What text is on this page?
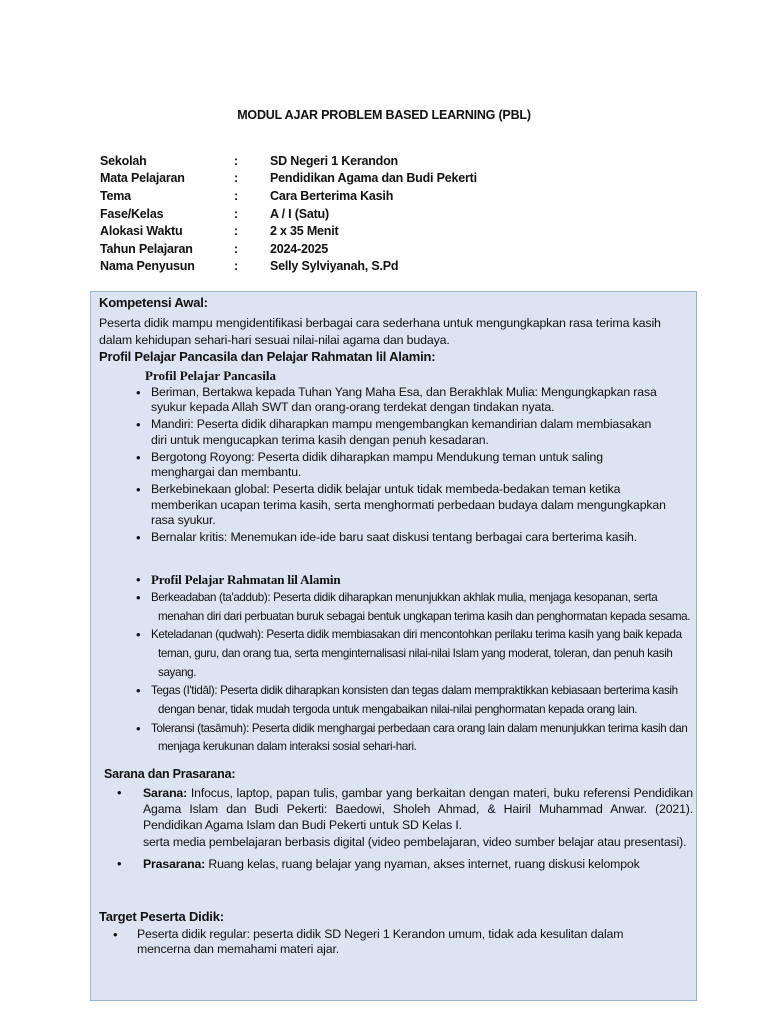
MODUL AJAR PROBLEM BASED LEARNING (PBL)
Sekolah	:	SD Negeri 1 Kerandon
Mata Pelajaran	:	Pendidikan Agama dan Budi Pekerti
Tema	:	Cara Berterima Kasih
Fase/Kelas	:	A / I (Satu)
Alokasi Waktu	:	2 x 35 Menit
Tahun Pelajaran	:	2024-2025
Nama Penyusun	:	Selly Sylviyanah, S.Pd
Kompetensi Awal:
Peserta didik mampu mengidentifikasi berbagai cara sederhana untuk mengungkapkan rasa terima kasih
dalam kehidupan sehari-hari sesuai nilai-nilai agama dan budaya.
Profil Pelajar Pancasila dan Pelajar Rahmatan lil Alamin:
Profil Pelajar Pancasila
• Beriman, Bertakwa kepada Tuhan Yang Maha Esa, dan Berakhlak Mulia: Mengungkapkan rasa
syukur kepada Allah SWT dan orang-orang terdekat dengan tindakan nyata.
• Mandiri: Peserta didik diharapkan mampu mengembangkan kemandirian dalam membiasakan
diri untuk mengucapkan terima kasih dengan penuh kesadaran.
• Bergotong Royong: Peserta didik diharapkan mampu Mendukung teman untuk saling
menghargai dan membantu.
• Berkebinekaan global: Peserta didik belajar untuk tidak membeda-bedakan teman ketika
memberikan ucapan terima kasih, serta menghormati perbedaan budaya dalam mengungkapkan
rasa syukur.
• Bernalar kritis: Menemukan ide-ide baru saat diskusi tentang berbagai cara berterima kasih.
• Profil Pelajar Rahmatan lil Alamin
• Berkeadaban (ta'addub): Peserta didik diharapkan menunjukkan akhlak mulia, menjaga kesopanan, serta
menahan diri dari perbuatan buruk sebagai bentuk ungkapan terima kasih dan penghormatan kepada sesama.
• Keteladanan (qudwah): Peserta didik membiasakan diri mencontohkan perilaku terima kasih yang baik kepada
teman, guru, dan orang tua, serta menginternalisasi nilai-nilai Islam yang moderat, toleran, dan penuh kasih
sayang.
• Tegas (I'tidāl): Peserta didik diharapkan konsisten dan tegas dalam mempraktikkan kebiasaan berterima kasih
dengan benar, tidak mudah tergoda untuk mengabaikan nilai-nilai penghormatan kepada orang lain.
• Toleransi (tasāmuh): Peserta didik menghargai perbedaan cara orang lain dalam menunjukkan terima kasih dan
menjaga kerukunan dalam interaksi sosial sehari-hari.
Sarana dan Prasarana:
• Sarana: Infocus, laptop, papan tulis, gambar yang berkaitan dengan materi, buku referensi Pendidikan Agama Islam dan Budi Pekerti: Baedowi, Sholeh Ahmad, & Hairil Muhammad Anwar. (2021). Pendidikan Agama Islam dan Budi Pekerti untuk SD Kelas I.
serta media pembelajaran berbasis digital (video pembelajaran, video sumber belajar atau presentasi).
• Prasarana: Ruang kelas, ruang belajar yang nyaman, akses internet, ruang diskusi kelompok
Target Peserta Didik:
• Peserta didik regular: peserta didik SD Negeri 1 Kerandon umum, tidak ada kesulitan dalam
mencerna dan memahami materi ajar.
